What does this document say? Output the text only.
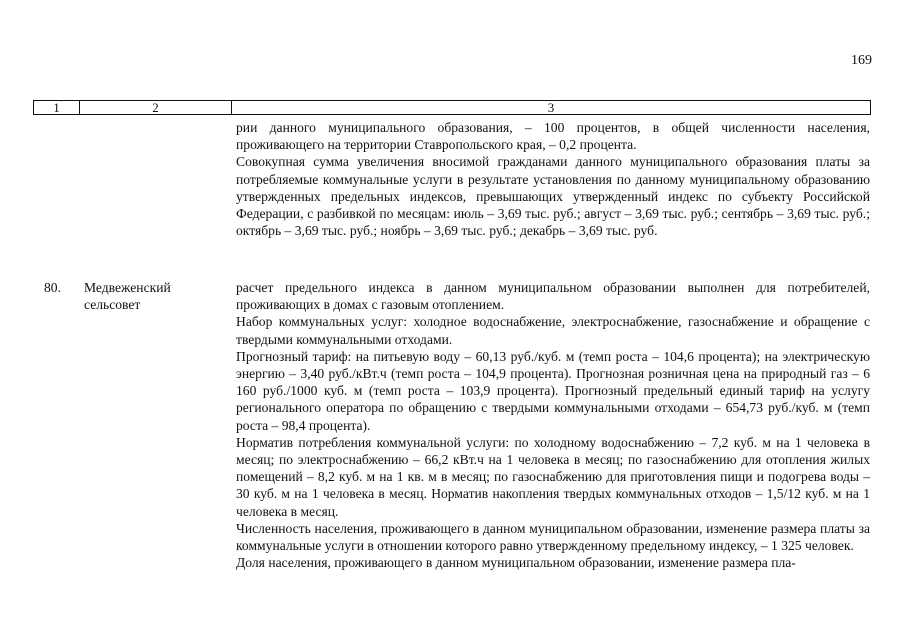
169
1	2	3

рии данного муниципального образования, – 100 процентов, в общей численности населения, проживающего на территории Ставропольского края, – 0,2 процента.

Совокупная сумма увеличения вносимой гражданами данного муниципального образования платы за потребляемые коммунальные услуги в результате установления по данному муниципальному образованию утвержденных предельных индексов, превышающих утвержденный индекс по субъекту Российской Федерации, с разбивкой по месяцам: июль – 3,69 тыс. руб.; август – 3,69 тыс. руб.; сентябрь – 3,69 тыс. руб.; октябрь – 3,69 тыс. руб.; ноябрь – 3,69 тыс. руб.; декабрь – 3,69 тыс. руб.

80. Медвеженский сельсовет

расчет предельного индекса в данном муниципальном образовании выполнен для потребителей, проживающих в домах с газовым отоплением.

Набор коммунальных услуг: холодное водоснабжение, электроснабжение, газоснабжение и обращение с твердыми коммунальными отходами.

Прогнозный тариф: на питьевую воду – 60,13 руб./куб. м (темп роста – 104,6 процента); на электрическую энергию – 3,40 руб./кВт.ч (темп роста – 104,9 процента). Прогнозная розничная цена на природный газ – 6 160 руб./1000 куб. м (темп роста – 103,9 процента). Прогнозный предельный единый тариф на услугу регионального оператора по обращению с твердыми коммунальными отходами – 654,73 руб./куб. м (темп роста – 98,4 процента).

Норматив потребления коммунальной услуги: по холодному водоснабжению – 7,2 куб. м на 1 человека в месяц; по электроснабжению – 66,2 кВт.ч на 1 человека в месяц; по газоснабжению для отопления жилых помещений – 8,2 куб. м на 1 кв. м в месяц; по газоснабжению для приготовления пищи и подогрева воды – 30 куб. м на 1 человека в месяц. Норматив накопления твердых коммунальных отходов – 1,5/12 куб. м на 1 человека в месяц.

Численность населения, проживающего в данном муниципальном образовании, изменение размера платы за коммунальные услуги в отношении которого равно утвержденному предельному индексу, – 1 325 человек.

Доля населения, проживающего в данном муниципальном образовании, изменение размера пла-
